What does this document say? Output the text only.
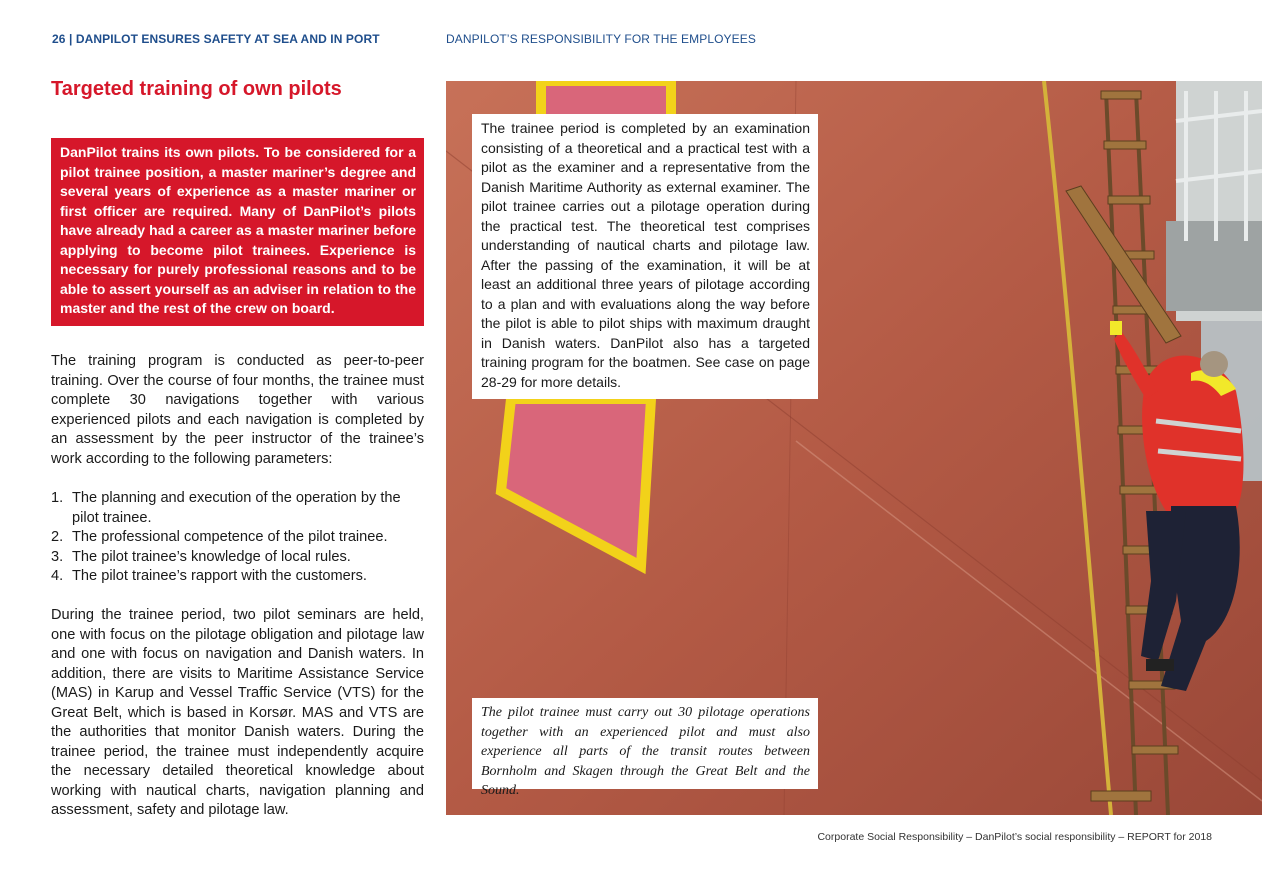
26 | DANPILOT ENSURES SAFETY AT SEA AND IN PORT	DANPILOT’S RESPONSIBILITY FOR THE EMPLOYEES
Targeted training of own pilots
DanPilot trains its own pilots. To be considered for a pilot trainee position, a master mariner’s degree and several years of experience as a master mariner or first officer are required. Many of DanPilot’s pilots have already had a career as a master mariner before applying to become pilot trainees. Experience is necessary for purely professional reasons and to be able to assert yourself as an adviser in relation to the master and the rest of the crew on board.

The training program is conducted as peer-to-peer training. Over the course of four months, the trainee must complete 30 navigations together with various experienced pilots and each navigation is completed by an assessment by the peer instructor of the trainee’s work according to the following parameters:

1. The planning and execution of the operation by the pilot trainee.
2. The professional competence of the pilot trainee.
3. The pilot trainee’s knowledge of local rules.
4. The pilot trainee’s rapport with the customers.

During the trainee period, two pilot seminars are held, one with focus on the pilotage obligation and pilotage law and one with focus on navigation and Danish waters. In addition, there are visits to Maritime Assistance Service (MAS) in Karup and Vessel Traffic Service (VTS) for the Great Belt, which is based in Korsør. MAS and VTS are the authorities that monitor Danish waters. During the trainee period, the trainee must independently acquire the necessary detailed theoretical knowledge about working with nautical charts, navigation planning and assessment, safety and pilotage law.

The trainee period is completed by an examination consisting of a theoretical and a practical test with a pilot as the examiner and a representative from the Danish Maritime Authority as external examiner. The pilot trainee carries out a pilotage operation during the practical test. The theoretical test comprises understanding of nautical charts and pilotage law. After the passing of the examination, it will be at least an additional three years of pilotage according to a plan and with evaluations along the way before the pilot is able to pilot ships with maximum draught in Danish waters. DanPilot also has a targeted training program for the boatmen. See case on page 28-29 for more details.
The pilot trainee must carry out 30 pilotage operations together with an experienced pilot and must also experience all parts of the transit routes between Bornholm and Skagen through the Great Belt and the Sound.
Corporate Social Responsibility – DanPilot’s social responsibility – REPORT for 2018
